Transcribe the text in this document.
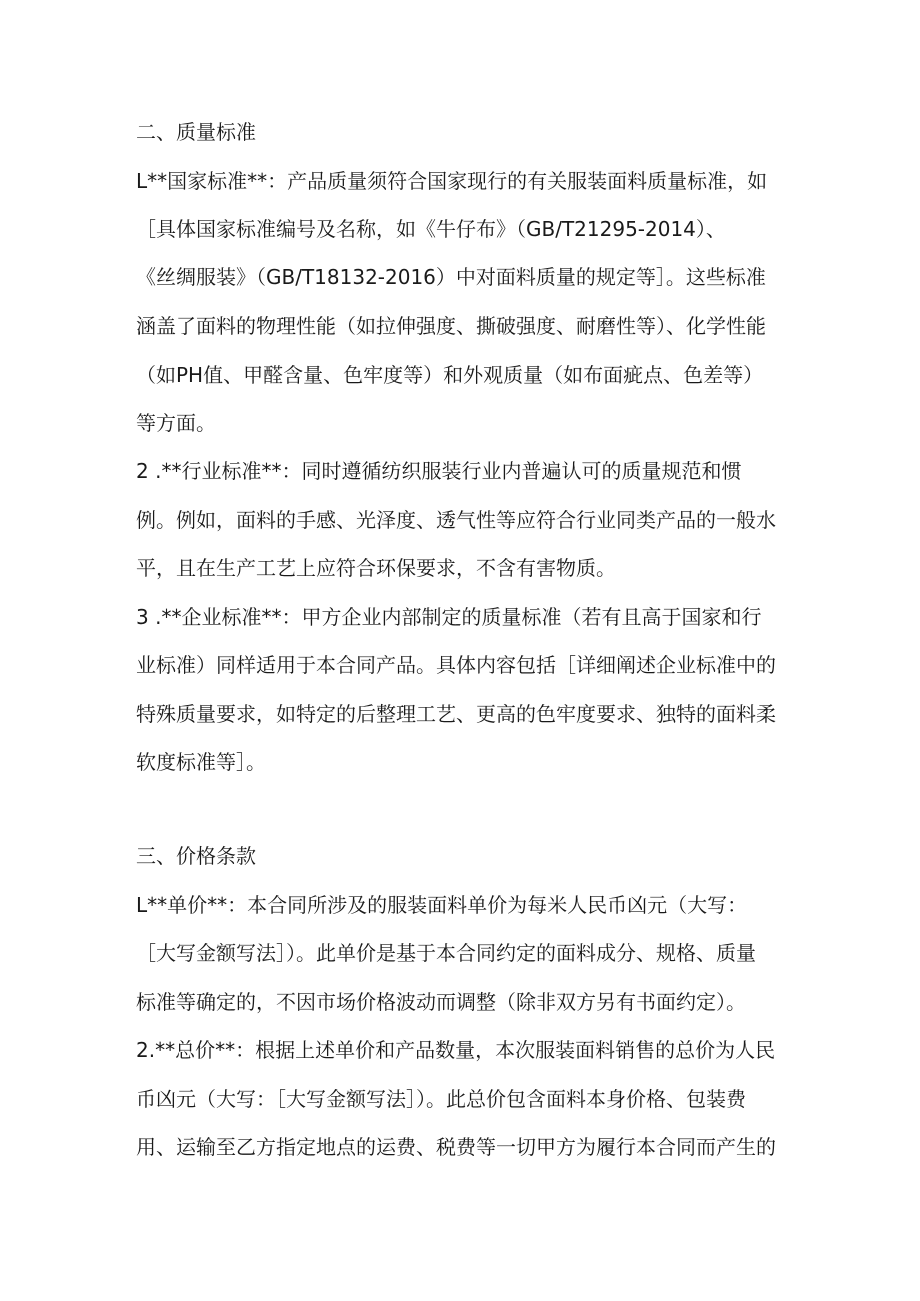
二、质量标准
L**国家标准**：产品质量须符合国家现行的有关服装面料质量标准，如
［具体国家标准编号及名称，如《牛仔布》（GB/T21295-2014）、
《丝绸服装》（GB/T18132-2016）中对面料质量的规定等］。这些标准
涵盖了面料的物理性能（如拉伸强度、撕破强度、耐磨性等）、化学性能
（如PH值、甲醛含量、色牢度等）和外观质量（如布面疵点、色差等）
等方面。
2 .**行业标准**：同时遵循纺织服装行业内普遍认可的质量规范和惯
例。例如，面料的手感、光泽度、透气性等应符合行业同类产品的一般水
平，且在生产工艺上应符合环保要求，不含有害物质。
3 .**企业标准**：甲方企业内部制定的质量标准（若有且高于国家和行
业标准）同样适用于本合同产品。具体内容包括［详细阐述企业标准中的
特殊质量要求，如特定的后整理工艺、更高的色牢度要求、独特的面料柔
软度标准等］。
三、价格条款
L**单价**：本合同所涉及的服装面料单价为每米人民币凶元（大写：
［大写金额写法］）。此单价是基于本合同约定的面料成分、规格、质量
标准等确定的，不因市场价格波动而调整（除非双方另有书面约定）。
2.**总价**：根据上述单价和产品数量，本次服装面料销售的总价为人民
币凶元（大写：［大写金额写法］）。此总价包含面料本身价格、包装费
用、运输至乙方指定地点的运费、税费等一切甲方为履行本合同而产生的
